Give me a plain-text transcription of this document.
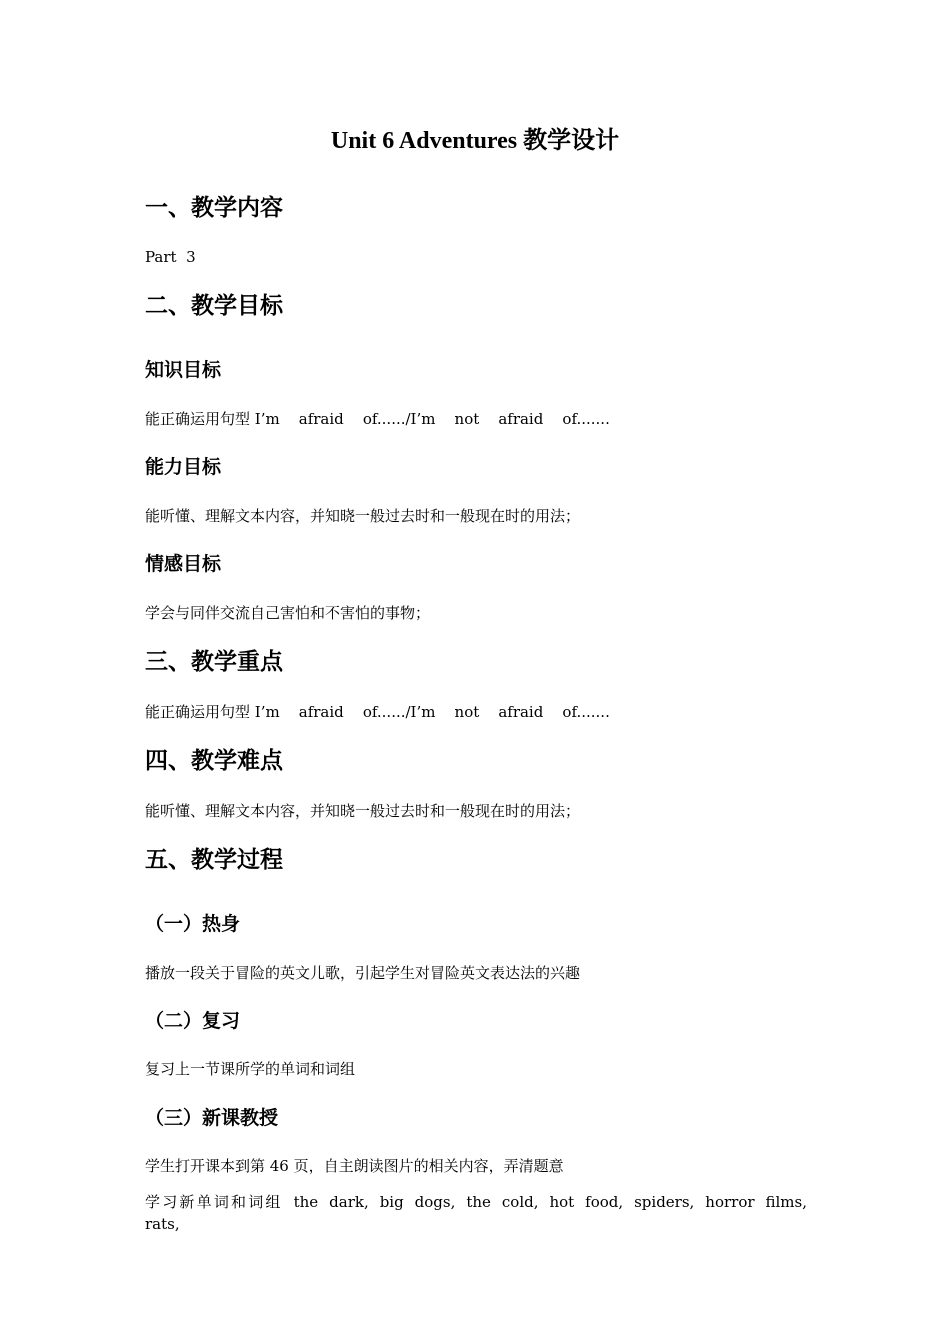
Unit 6 Adventures 教学设计
一、教学内容

Part  3

二、教学目标
知识目标

能正确运用句型 I’m    afraid    of....../I’m    not    afraid    of.......

能力目标

能听懂、理解文本内容，并知晓一般过去时和一般现在时的用法；

情感目标

学会与同伴交流自己害怕和不害怕的事物；

三、教学重点

能正确运用句型 I’m    afraid    of....../I’m    not    afraid    of.......

四、教学难点

能听懂、理解文本内容，并知晓一般过去时和一般现在时的用法；

五、教学过程
（一）热身

播放一段关于冒险的英文儿歌，引起学生对冒险英文表达法的兴趣

（二）复习

复习上一节课所学的单词和词组

（三）新课教授

学生打开课本到第 46 页，自主朗读图片的相关内容，弄清题意

学习新单词和词组 the dark, big dogs, the cold, hot food, spiders, horror films, rats,
